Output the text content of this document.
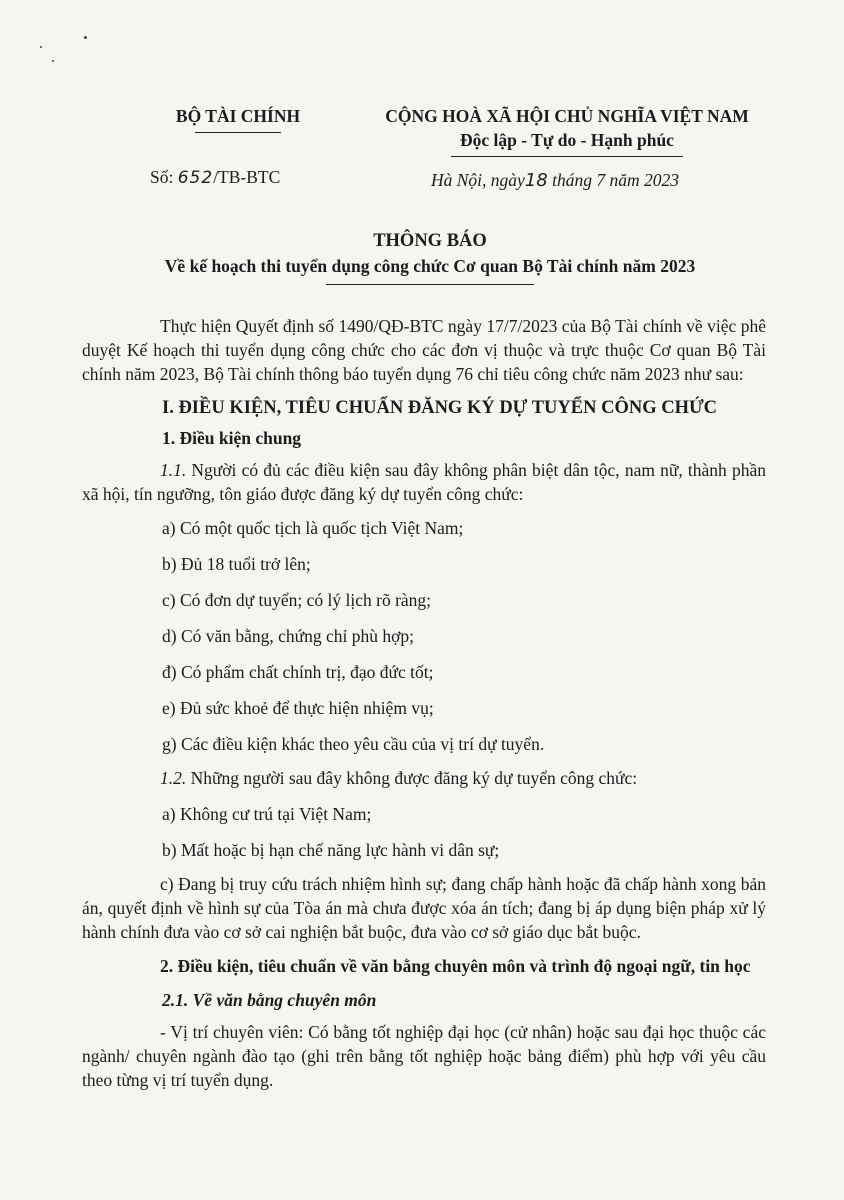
BỘ TÀI CHÍNH	CỘNG HOÀ XÃ HỘI CHỦ NGHĨA VIỆT NAM
Độc lập - Tự do - Hạnh phúc
Số: 652/TB-BTC	Hà Nội, ngày18 tháng 7 năm 2023
THÔNG BÁO
Về kế hoạch thi tuyển dụng công chức Cơ quan Bộ Tài chính năm 2023

Thực hiện Quyết định số 1490/QĐ-BTC ngày 17/7/2023 của Bộ Tài chính về việc phê duyệt Kế hoạch thi tuyển dụng công chức cho các đơn vị thuộc và trực thuộc Cơ quan Bộ Tài chính năm 2023, Bộ Tài chính thông báo tuyển dụng 76 chỉ tiêu công chức năm 2023 như sau:

I. ĐIỀU KIỆN, TIÊU CHUẨN ĐĂNG KÝ DỰ TUYỂN CÔNG CHỨC
1. Điều kiện chung

1.1. Người có đủ các điều kiện sau đây không phân biệt dân tộc, nam nữ, thành phần xã hội, tín ngưỡng, tôn giáo được đăng ký dự tuyển công chức:

a) Có một quốc tịch là quốc tịch Việt Nam;
b) Đủ 18 tuổi trở lên;
c) Có đơn dự tuyển; có lý lịch rõ ràng;
d) Có văn bằng, chứng chỉ phù hợp;
đ) Có phẩm chất chính trị, đạo đức tốt;
e) Đủ sức khoẻ để thực hiện nhiệm vụ;
g) Các điều kiện khác theo yêu cầu của vị trí dự tuyển.

1.2. Những người sau đây không được đăng ký dự tuyển công chức:

a) Không cư trú tại Việt Nam;
b) Mất hoặc bị hạn chế năng lực hành vi dân sự;

c) Đang bị truy cứu trách nhiệm hình sự; đang chấp hành hoặc đã chấp hành xong bản án, quyết định về hình sự của Tòa án mà chưa được xóa án tích; đang bị áp dụng biện pháp xử lý hành chính đưa vào cơ sở cai nghiện bắt buộc, đưa vào cơ sở giáo dục bắt buộc.

2. Điều kiện, tiêu chuẩn về văn bằng chuyên môn và trình độ ngoại ngữ, tin học

2.1. Về văn bằng chuyên môn

- Vị trí chuyên viên: Có bằng tốt nghiệp đại học (cử nhân) hoặc sau đại học thuộc các ngành/ chuyên ngành đào tạo (ghi trên bằng tốt nghiệp hoặc bảng điểm) phù hợp với yêu cầu theo từng vị trí tuyển dụng.
